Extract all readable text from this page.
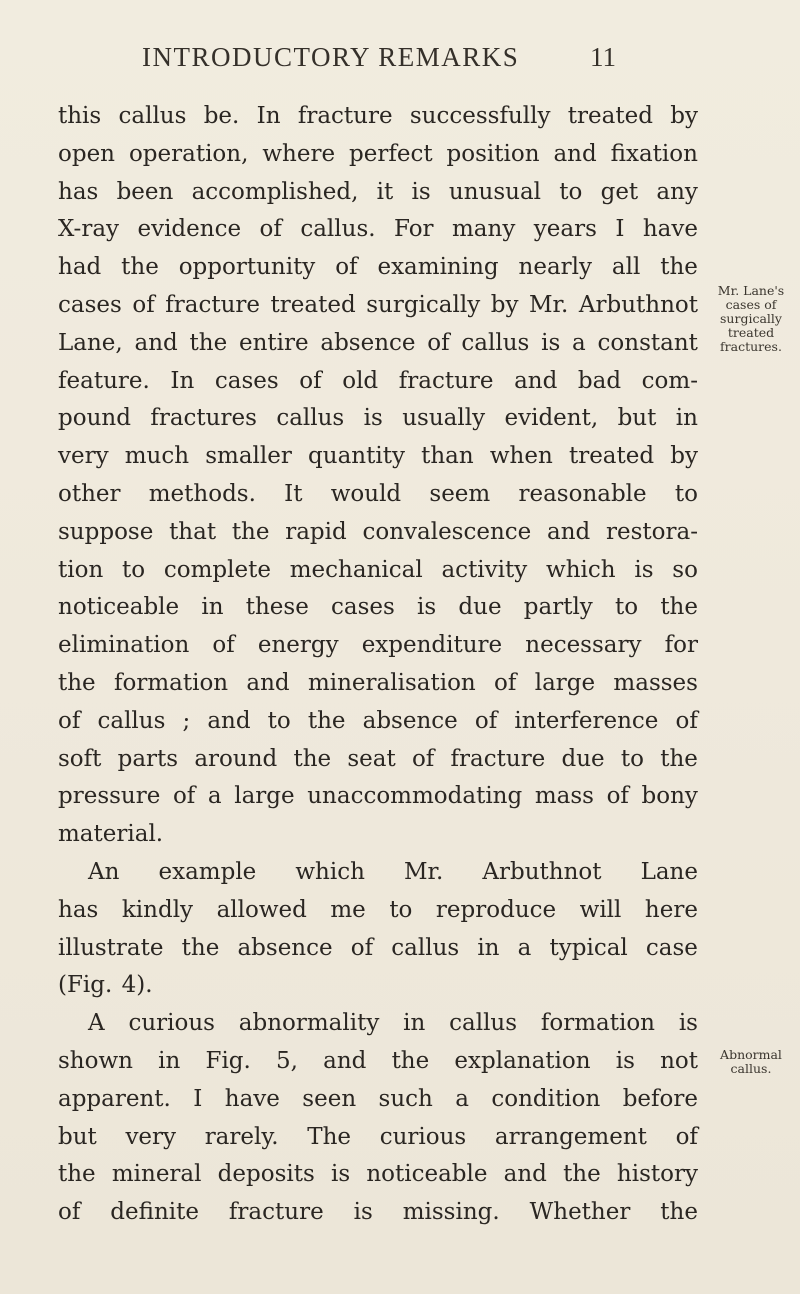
INTRODUCTORY REMARKS	11
this callus be. In fracture successfully treated by
open operation, where perfect position and fixation
has been accomplished, it is unusual to get any
X-ray evidence of callus. For many years I have
had the opportunity of examining nearly all the
cases of fracture treated surgically by Mr. Arbuthnot
Lane, and the entire absence of callus is a constant
feature. In cases of old fracture and bad com-
pound fractures callus is usually evident, but in
very much smaller quantity than when treated by
other methods. It would seem reasonable to
suppose that the rapid convalescence and restora-
tion to complete mechanical activity which is so
noticeable in these cases is due partly to the
elimination of energy expenditure necessary for
the formation and mineralisation of large masses
of callus ; and to the absence of interference of
soft parts around the seat of fracture due to the
pressure of a large unaccommodating mass of bony
material.
An example which Mr. Arbuthnot Lane
has kindly allowed me to reproduce will here
illustrate the absence of callus in a typical case
(Fig. 4).
A curious abnormality in callus formation is
shown in Fig. 5, and the explanation is not
apparent. I have seen such a condition before
but very rarely. The curious arrangement of
the mineral deposits is noticeable and the history
of definite fracture is missing. Whether the
Mr. Lane's
cases of
surgically
treated
fractures.
Abnormal
callus.
